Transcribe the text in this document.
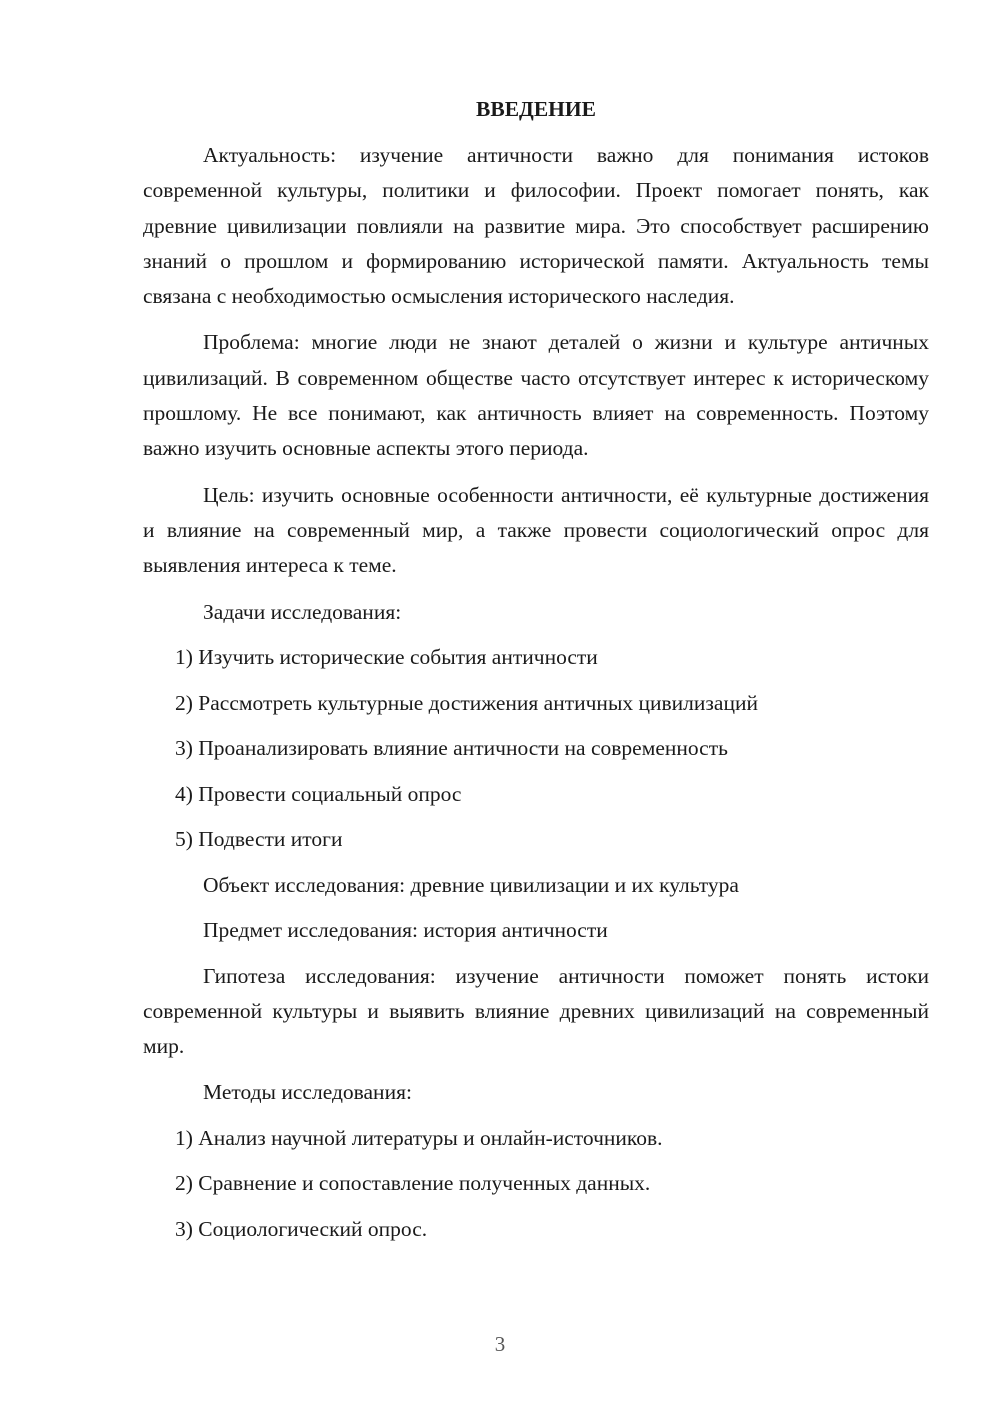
ВВЕДЕНИЕ

Актуальность: изучение античности важно для понимания истоков современной культуры, политики и философии. Проект помогает понять, как древние цивилизации повлияли на развитие мира. Это способствует расширению знаний о прошлом и формированию исторической памяти. Актуальность темы связана с необходимостью осмысления исторического наследия.

Проблема: многие люди не знают деталей о жизни и культуре античных цивилизаций. В современном обществе часто отсутствует интерес к историческому прошлому. Не все понимают, как античность влияет на современность. Поэтому важно изучить основные аспекты этого периода.

Цель: изучить основные особенности античности, её культурные достижения и влияние на современный мир, а также провести социологический опрос для выявления интереса к теме.

Задачи исследования:
1) Изучить исторические события античности
2) Рассмотреть культурные достижения античных цивилизаций
3) Проанализировать влияние античности на современность
4) Провести социальный опрос
5) Подвести итоги
Объект исследования: древние цивилизации и их культура
Предмет исследования: история античности

Гипотеза исследования: изучение античности поможет понять истоки современной культуры и выявить влияние древних цивилизаций на современный мир.

Методы исследования:
1) Анализ научной литературы и онлайн-источников.
2) Сравнение и сопоставление полученных данных.
3) Социологический опрос.
3
